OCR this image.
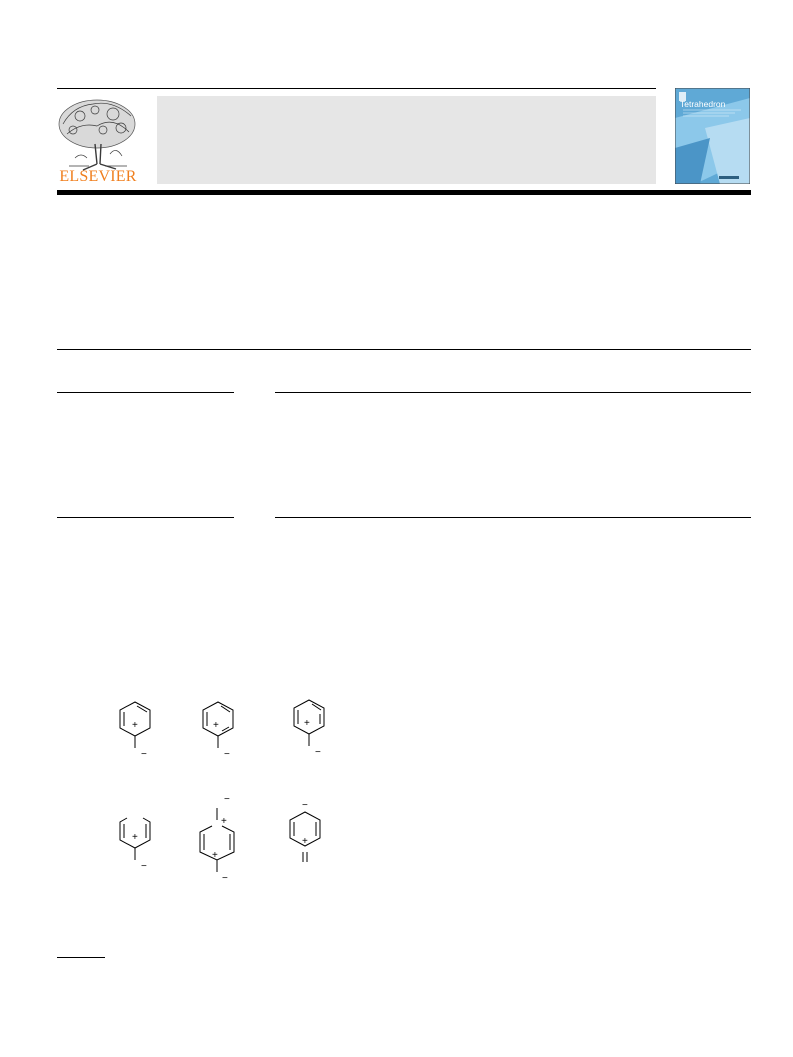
ELSEVIER
Tetrahedron
+
−
+
−
+
−
+
−
−
+
+
−
−
+
